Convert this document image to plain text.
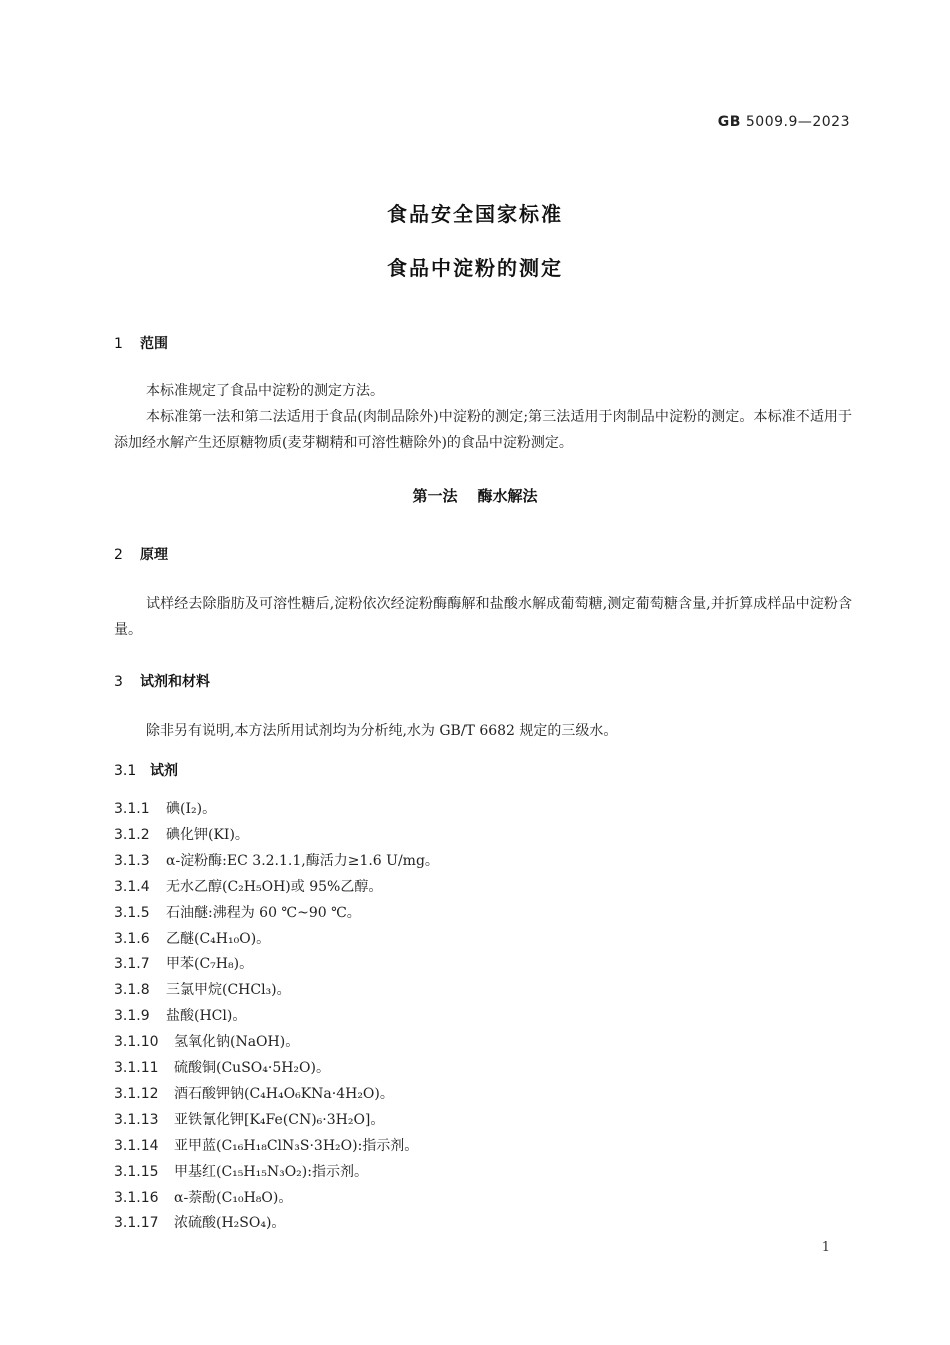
GB 5009.9—2023
食品安全国家标准
食品中淀粉的测定
1 范围
本标准规定了食品中淀粉的测定方法。
本标准第一法和第二法适用于食品(肉制品除外)中淀粉的测定;第三法适用于肉制品中淀粉的测定。本标准不适用于添加经水解产生还原糖物质(麦芽糊精和可溶性糖除外)的食品中淀粉测定。
第一法 酶水解法
2 原理
试样经去除脂肪及可溶性糖后,淀粉依次经淀粉酶酶解和盐酸水解成葡萄糖,测定葡萄糖含量,并折算成样品中淀粉含量。
3 试剂和材料
除非另有说明,本方法所用试剂均为分析纯,水为 GB/T 6682 规定的三级水。
3.1 试剂
3.1.1 碘(I₂)。
3.1.2 碘化钾(KI)。
3.1.3 α-淀粉酶:EC 3.2.1.1,酶活力≥1.6 U/mg。
3.1.4 无水乙醇(C₂H₅OH)或 95%乙醇。
3.1.5 石油醚:沸程为 60 ℃~90 ℃。
3.1.6 乙醚(C₄H₁₀O)。
3.1.7 甲苯(C₇H₈)。
3.1.8 三氯甲烷(CHCl₃)。
3.1.9 盐酸(HCl)。
3.1.10 氢氧化钠(NaOH)。
3.1.11 硫酸铜(CuSO₄·5H₂O)。
3.1.12 酒石酸钾钠(C₄H₄O₆KNa·4H₂O)。
3.1.13 亚铁氰化钾[K₄Fe(CN)₆·3H₂O]。
3.1.14 亚甲蓝(C₁₆H₁₈ClN₃S·3H₂O):指示剂。
3.1.15 甲基红(C₁₅H₁₅N₃O₂):指示剂。
3.1.16 α-萘酚(C₁₀H₈O)。
3.1.17 浓硫酸(H₂SO₄)。
1
